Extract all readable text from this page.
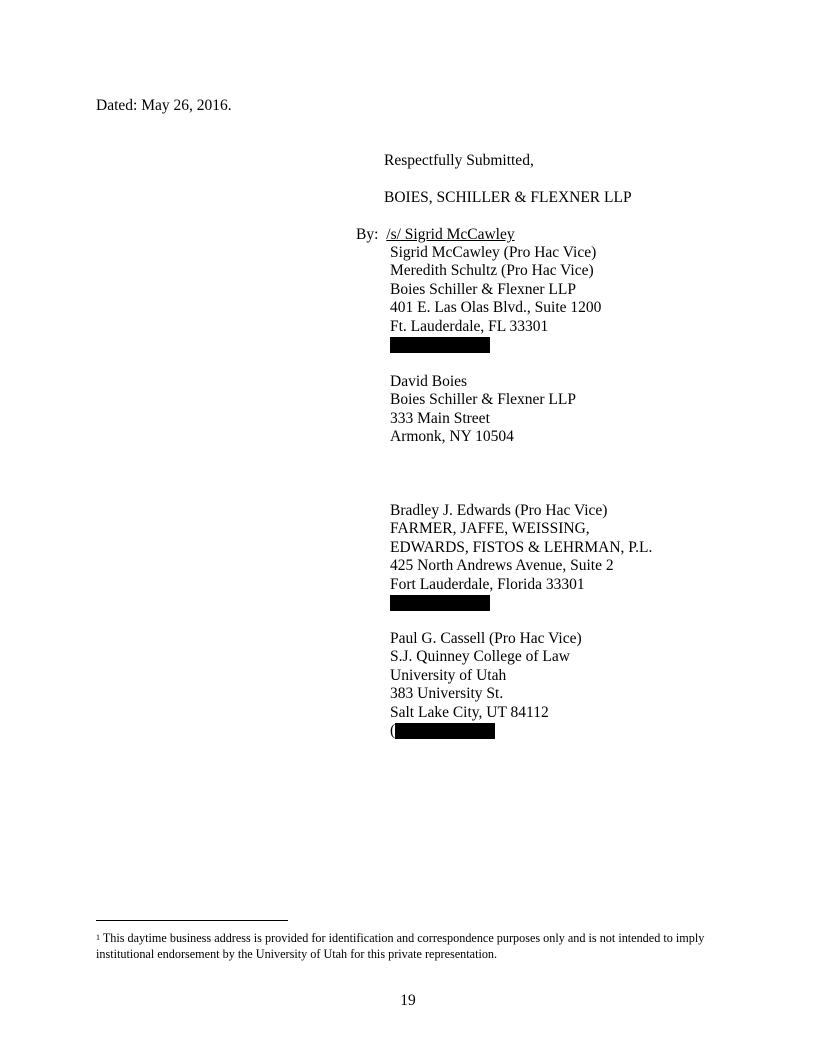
Dated: May 26, 2016.
Respectfully Submitted,
BOIES, SCHILLER & FLEXNER LLP
By: /s/ Sigrid McCawley
Sigrid McCawley (Pro Hac Vice)
Meredith Schultz (Pro Hac Vice)
Boies Schiller & Flexner LLP
401 E. Las Olas Blvd., Suite 1200
Ft. Lauderdale, FL 33301
David Boies
Boies Schiller & Flexner LLP
333 Main Street
Armonk, NY 10504
Bradley J. Edwards (Pro Hac Vice)
FARMER, JAFFE, WEISSING,
EDWARDS, FISTOS & LEHRMAN, P.L.
425 North Andrews Avenue, Suite 2
Fort Lauderdale, Florida 33301
Paul G. Cassell (Pro Hac Vice)
S.J. Quinney College of Law
University of Utah
383 University St.
Salt Lake City, UT 84112
(
$^1$ This daytime business address is provided for identification and correspondence purposes only and is not intended to imply institutional endorsement by the University of Utah for this private representation.
19
